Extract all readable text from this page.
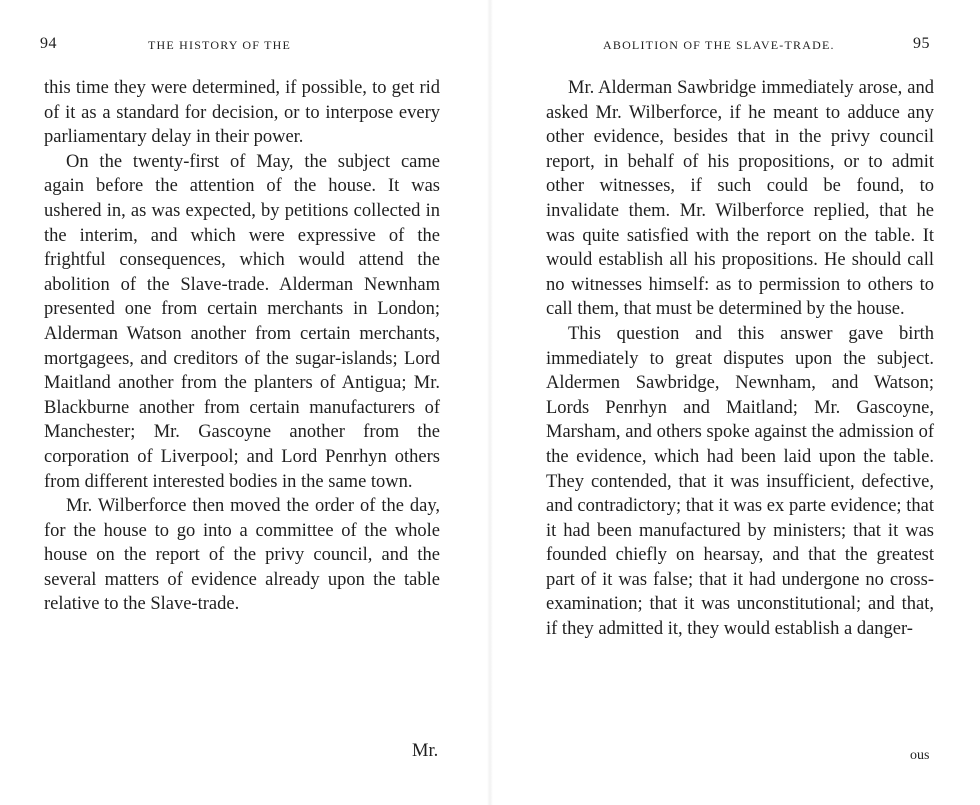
94	THE HISTORY OF THE

this time they were determined, if possible, to get rid of it as a standard for decision, or to interpose every parliamentary delay in their power.

On the twenty-first of May, the subject came again before the attention of the house. It was ushered in, as was expected, by petitions collected in the interim, and which were expressive of the frightful consequences, which would attend the abolition of the Slave-trade. Alderman Newnham presented one from certain merchants in London; Alderman Watson another from certain merchants, mortgagees, and creditors of the sugar-islands; Lord Maitland another from the planters of Antigua; Mr. Blackburne another from certain manufacturers of Manchester; Mr. Gascoyne another from the corporation of Liverpool; and Lord Penrhyn others from different interested bodies in the same town.

Mr. Wilberforce then moved the order of the day, for the house to go into a committee of the whole house on the report of the privy council, and the several matters of evidence already upon the table relative to the Slave-trade.

Mr.
ABOLITION OF THE SLAVE-TRADE.	95

Mr. Alderman Sawbridge immediately arose, and asked Mr. Wilberforce, if he meant to adduce any other evidence, besides that in the privy council report, in behalf of his propositions, or to admit other witnesses, if such could be found, to invalidate them. Mr. Wilberforce replied, that he was quite satisfied with the report on the table. It would establish all his propositions. He should call no witnesses himself: as to permission to others to call them, that must be determined by the house.

This question and this answer gave birth immediately to great disputes upon the subject. Aldermen Sawbridge, Newnham, and Watson; Lords Penrhyn and Maitland; Mr. Gascoyne, Marsham, and others spoke against the admission of the evidence, which had been laid upon the table. They contended, that it was insufficient, defective, and contradictory; that it was ex parte evidence; that it had been manufactured by ministers; that it was founded chiefly on hearsay, and that the greatest part of it was false; that it had undergone no cross-examination; that it was unconstitutional; and that, if they admitted it, they would establish a danger-

ous
